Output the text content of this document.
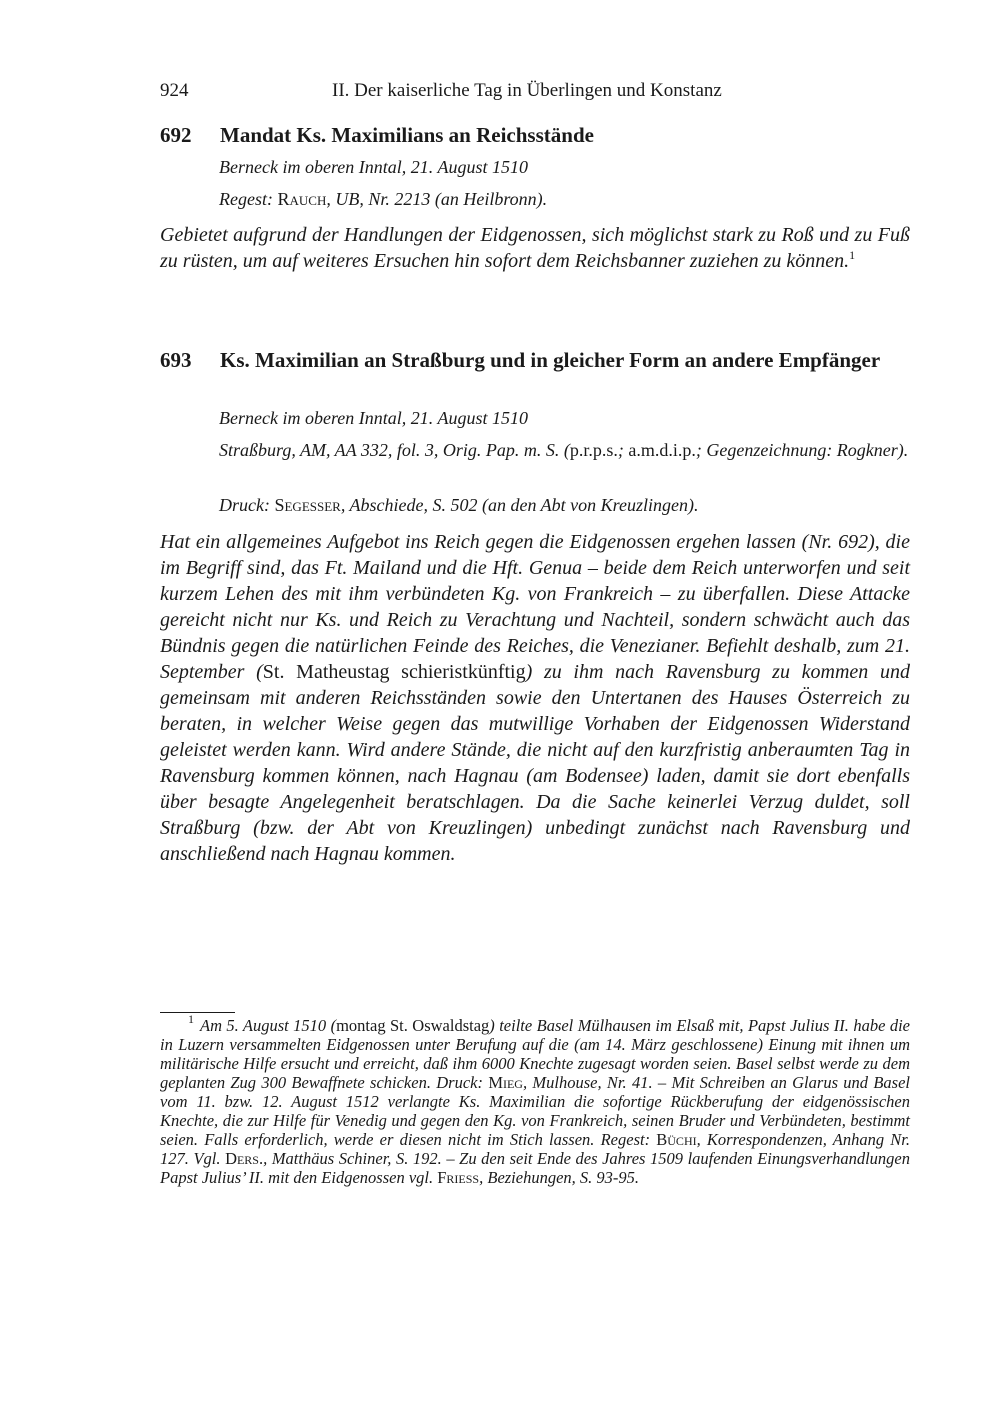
924	II. Der kaiserliche Tag in Überlingen und Konstanz
692 Mandat Ks. Maximilians an Reichsstände
Berneck im oberen Inntal, 21. August 1510
Regest: Rauch, UB, Nr. 2213 (an Heilbronn).
Gebietet aufgrund der Handlungen der Eidgenossen, sich möglichst stark zu Roß und zu Fuß zu rüsten, um auf weiteres Ersuchen hin sofort dem Reichsbanner zuziehen zu können.$^1$
693 Ks. Maximilian an Straßburg und in gleicher Form an andere Empfänger
Berneck im oberen Inntal, 21. August 1510
Straßburg, AM, AA 332, fol. 3, Orig. Pap. m. S. (p.r.p.s.; a.m.d.i.p.; Gegenzeichnung: Rogkner).
Druck: Segesser, Abschiede, S. 502 (an den Abt von Kreuzlingen).
Hat ein allgemeines Aufgebot ins Reich gegen die Eidgenossen ergehen lassen (Nr. 692), die im Begriff sind, das Ft. Mailand und die Hft. Genua – beide dem Reich unterworfen und seit kurzem Lehen des mit ihm verbündeten Kg. von Frankreich – zu überfallen. Diese Attacke gereicht nicht nur Ks. und Reich zu Verachtung und Nachteil, sondern schwächt auch das Bündnis gegen die natürlichen Feinde des Reiches, die Venezianer. Befiehlt deshalb, zum 21. September (St. Matheustag schieristkünftig) zu ihm nach Ravensburg zu kommen und gemeinsam mit anderen Reichsständen sowie den Untertanen des Hauses Österreich zu beraten, in welcher Weise gegen das mutwillige Vorhaben der Eidgenossen Widerstand geleistet werden kann. Wird andere Stände, die nicht auf den kurzfristig anberaumten Tag in Ravensburg kommen können, nach Hagnau (am Bodensee) laden, damit sie dort ebenfalls über besagte Angelegenheit beratschlagen. Da die Sache keinerlei Verzug duldet, soll Straßburg (bzw. der Abt von Kreuzlingen) unbedingt zunächst nach Ravensburg und anschließend nach Hagnau kommen.
$^1$ Am 5. August 1510 (montag St. Oswaldstag) teilte Basel Mülhausen im Elsaß mit, Papst Julius II. habe die in Luzern versammelten Eidgenossen unter Berufung auf die (am 14. März geschlossene) Einung mit ihnen um militärische Hilfe ersucht und erreicht, daß ihm 6000 Knechte zugesagt worden seien. Basel selbst werde zu dem geplanten Zug 300 Bewaffnete schicken. Druck: Mieg, Mulhouse, Nr. 41. – Mit Schreiben an Glarus und Basel vom 11. bzw. 12. August 1512 verlangte Ks. Maximilian die sofortige Rückberufung der eidgenössischen Knechte, die zur Hilfe für Venedig und gegen den Kg. von Frankreich, seinen Bruder und Verbündeten, bestimmt seien. Falls erforderlich, werde er diesen nicht im Stich lassen. Regest: Büchi, Korrespondenzen, Anhang Nr. 127. Vgl. Ders., Matthäus Schiner, S. 192. – Zu den seit Ende des Jahres 1509 laufenden Einungsverhandlungen Papst Julius’ II. mit den Eidgenossen vgl. Friess, Beziehungen, S. 93-95.
